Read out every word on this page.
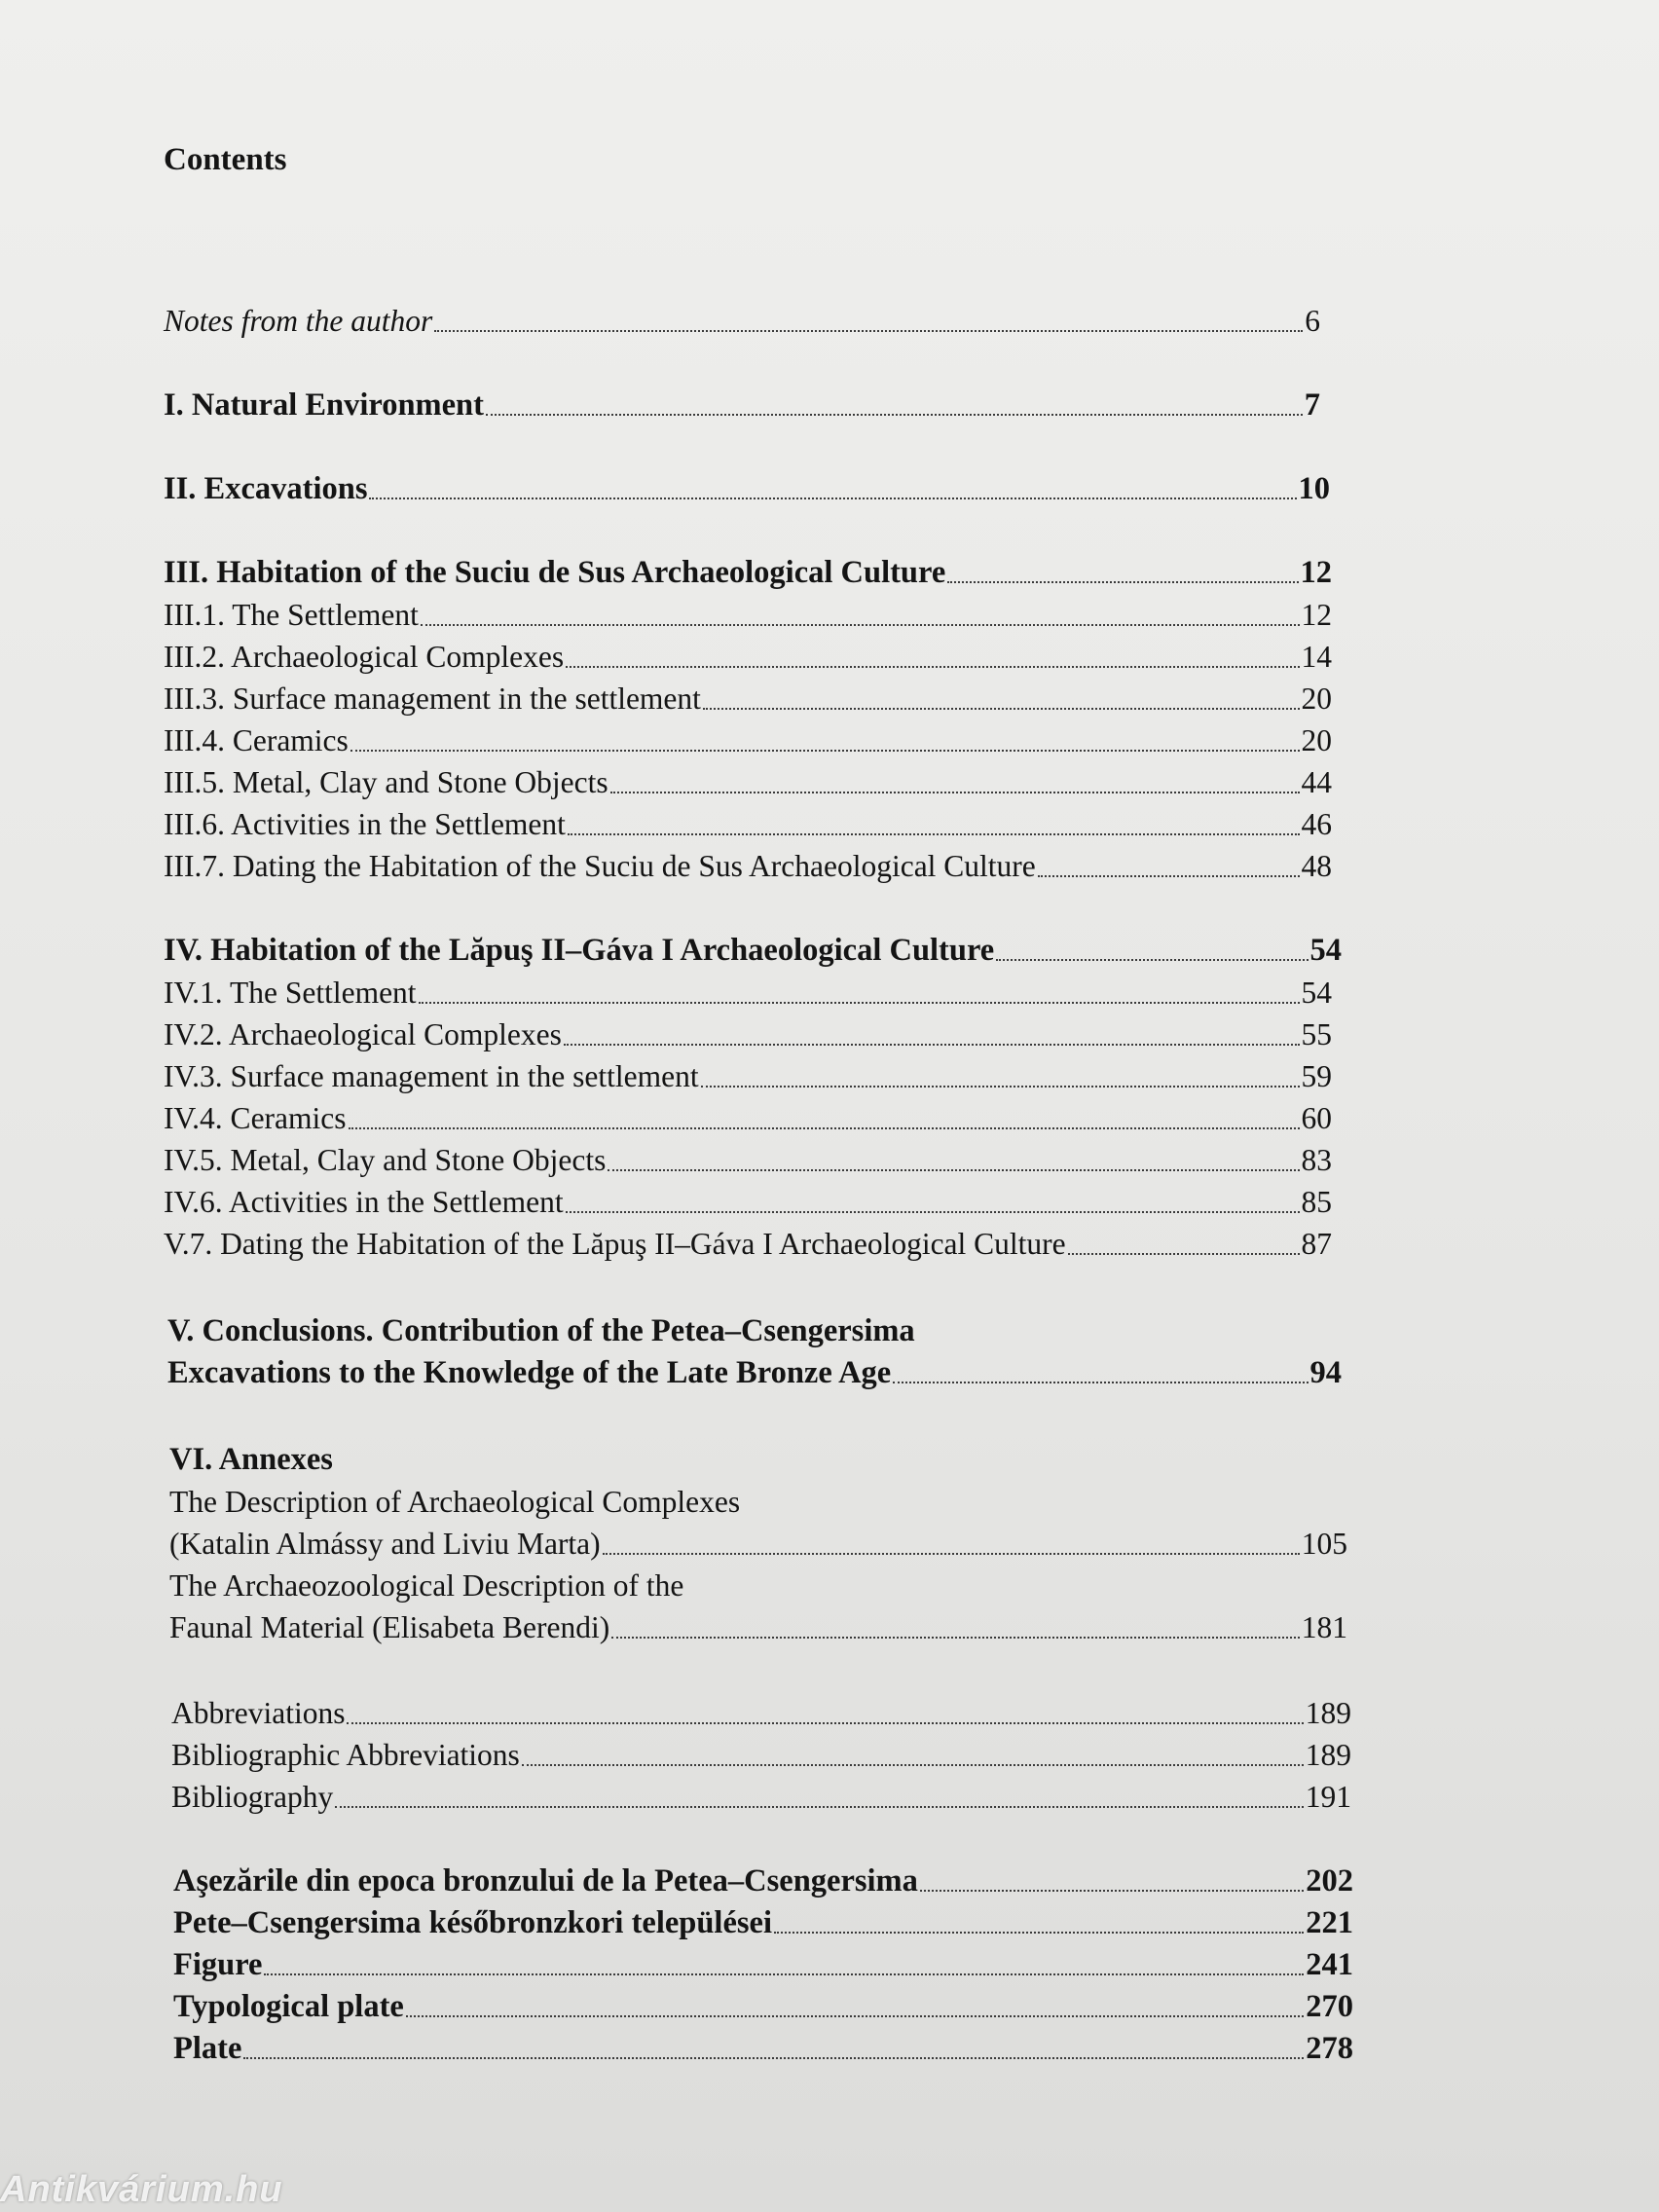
Contents
Notes from the author	6
I. Natural Environment	7
II. Excavations	10
III. Habitation of the Suciu de Sus Archaeological Culture	12
III.1. The Settlement	12
III.2. Archaeological Complexes	14
III.3. Surface management in the settlement	20
III.4. Ceramics	20
III.5. Metal, Clay and Stone Objects	44
III.6. Activities in the Settlement	46
III.7. Dating the Habitation of the Suciu de Sus Archaeological Culture	48
IV. Habitation of the Lăpuş II–Gáva I Archaeological Culture	54
IV.1. The Settlement	54
IV.2. Archaeological Complexes	55
IV.3. Surface management in the settlement	59
IV.4. Ceramics	60
IV.5. Metal, Clay and Stone Objects	83
IV.6. Activities in the Settlement	85
V.7. Dating the Habitation of the Lăpuş II–Gáva I Archaeological Culture	87
V. Conclusions. Contribution of the Petea–Csengersima
Excavations to the Knowledge of the Late Bronze Age	94
VI. Annexes
The Description of Archaeological Complexes
(Katalin Almássy and Liviu Marta)	105
The Archaeozoological Description of the
Faunal Material (Elisabeta Berendi)	181
Abbreviations	189
Bibliographic Abbreviations	189
Bibliography	191
Aşezările din epoca bronzului de la Petea–Csengersima	202
Pete–Csengersima későbronzkori települései	221
Figure	241
Typological plate	270
Plate	278
Antikvárium.hu
